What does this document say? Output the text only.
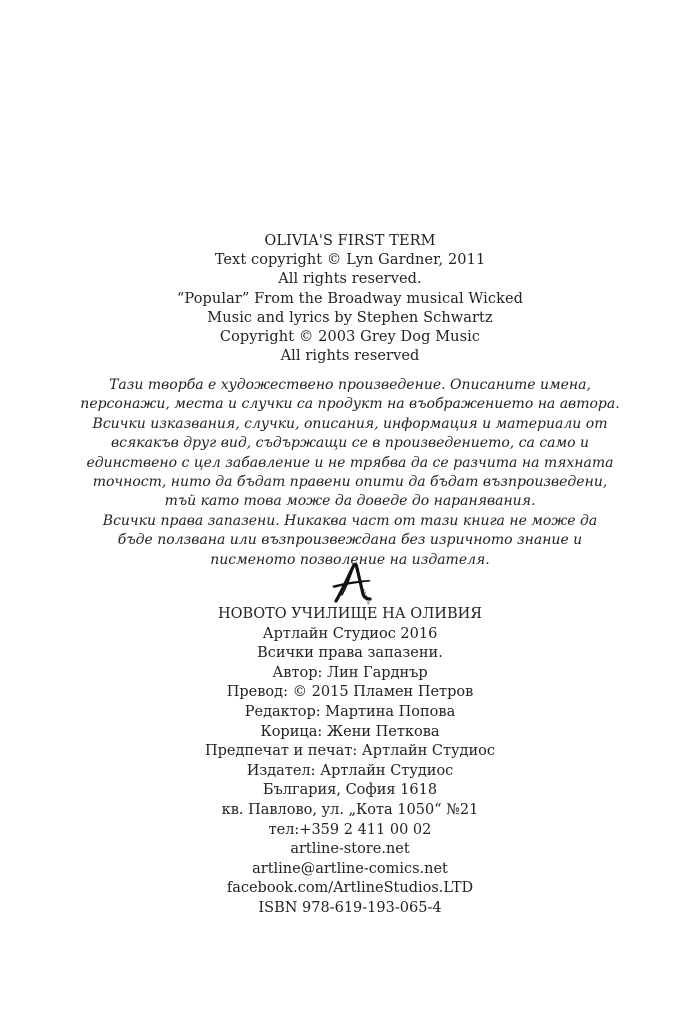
OLIVIA'S FIRST TERM
Text copyright © Lyn Gardner, 2011
All rights reserved.
“Popular” From the Broadway musical Wicked
Music and lyrics by Stephen Schwartz
Copyright © 2003 Grey Dog Music
All rights reserved
Тази творба е художествено произведение. Описаните имена,
персонажи, места и случки са продукт на въображението на автора.
Всички изказвания, случки, описания, информация и материали от
всякакъв друг вид, съдържащи се в произведението, са само и
единствено с цел забавление и не трябва да се разчита на тяхната
точност, нито да бъдат правени опити да бъдат възпроизведени,
тъй като това може да доведе до наранявания.
Всички права запазени. Никаква част от тази книга не може да
бъде ползвана или възпроизвеждана без изричното знание и
писменото позволение на издателя.
STUDIOS
НОВОТО УЧИЛИЩЕ НА ОЛИВИЯ
Артлайн Студиос 2016
Всички права запазени.
Автор: Лин Гарднър
Превод: © 2015 Пламен Петров
Редактор: Мартина Попова
Корица: Жени Петкова
Предпечат и печат: Артлайн Студиос
Издател: Артлайн Студиос
България, София 1618
кв. Павлово, ул. „Кота 1050“ №21
тел:+359 2 411 00 02
artline-store.net
artline@artline-comics.net
facebook.com/ArtlineStudios.LTD
ISBN 978-619-193-065-4
